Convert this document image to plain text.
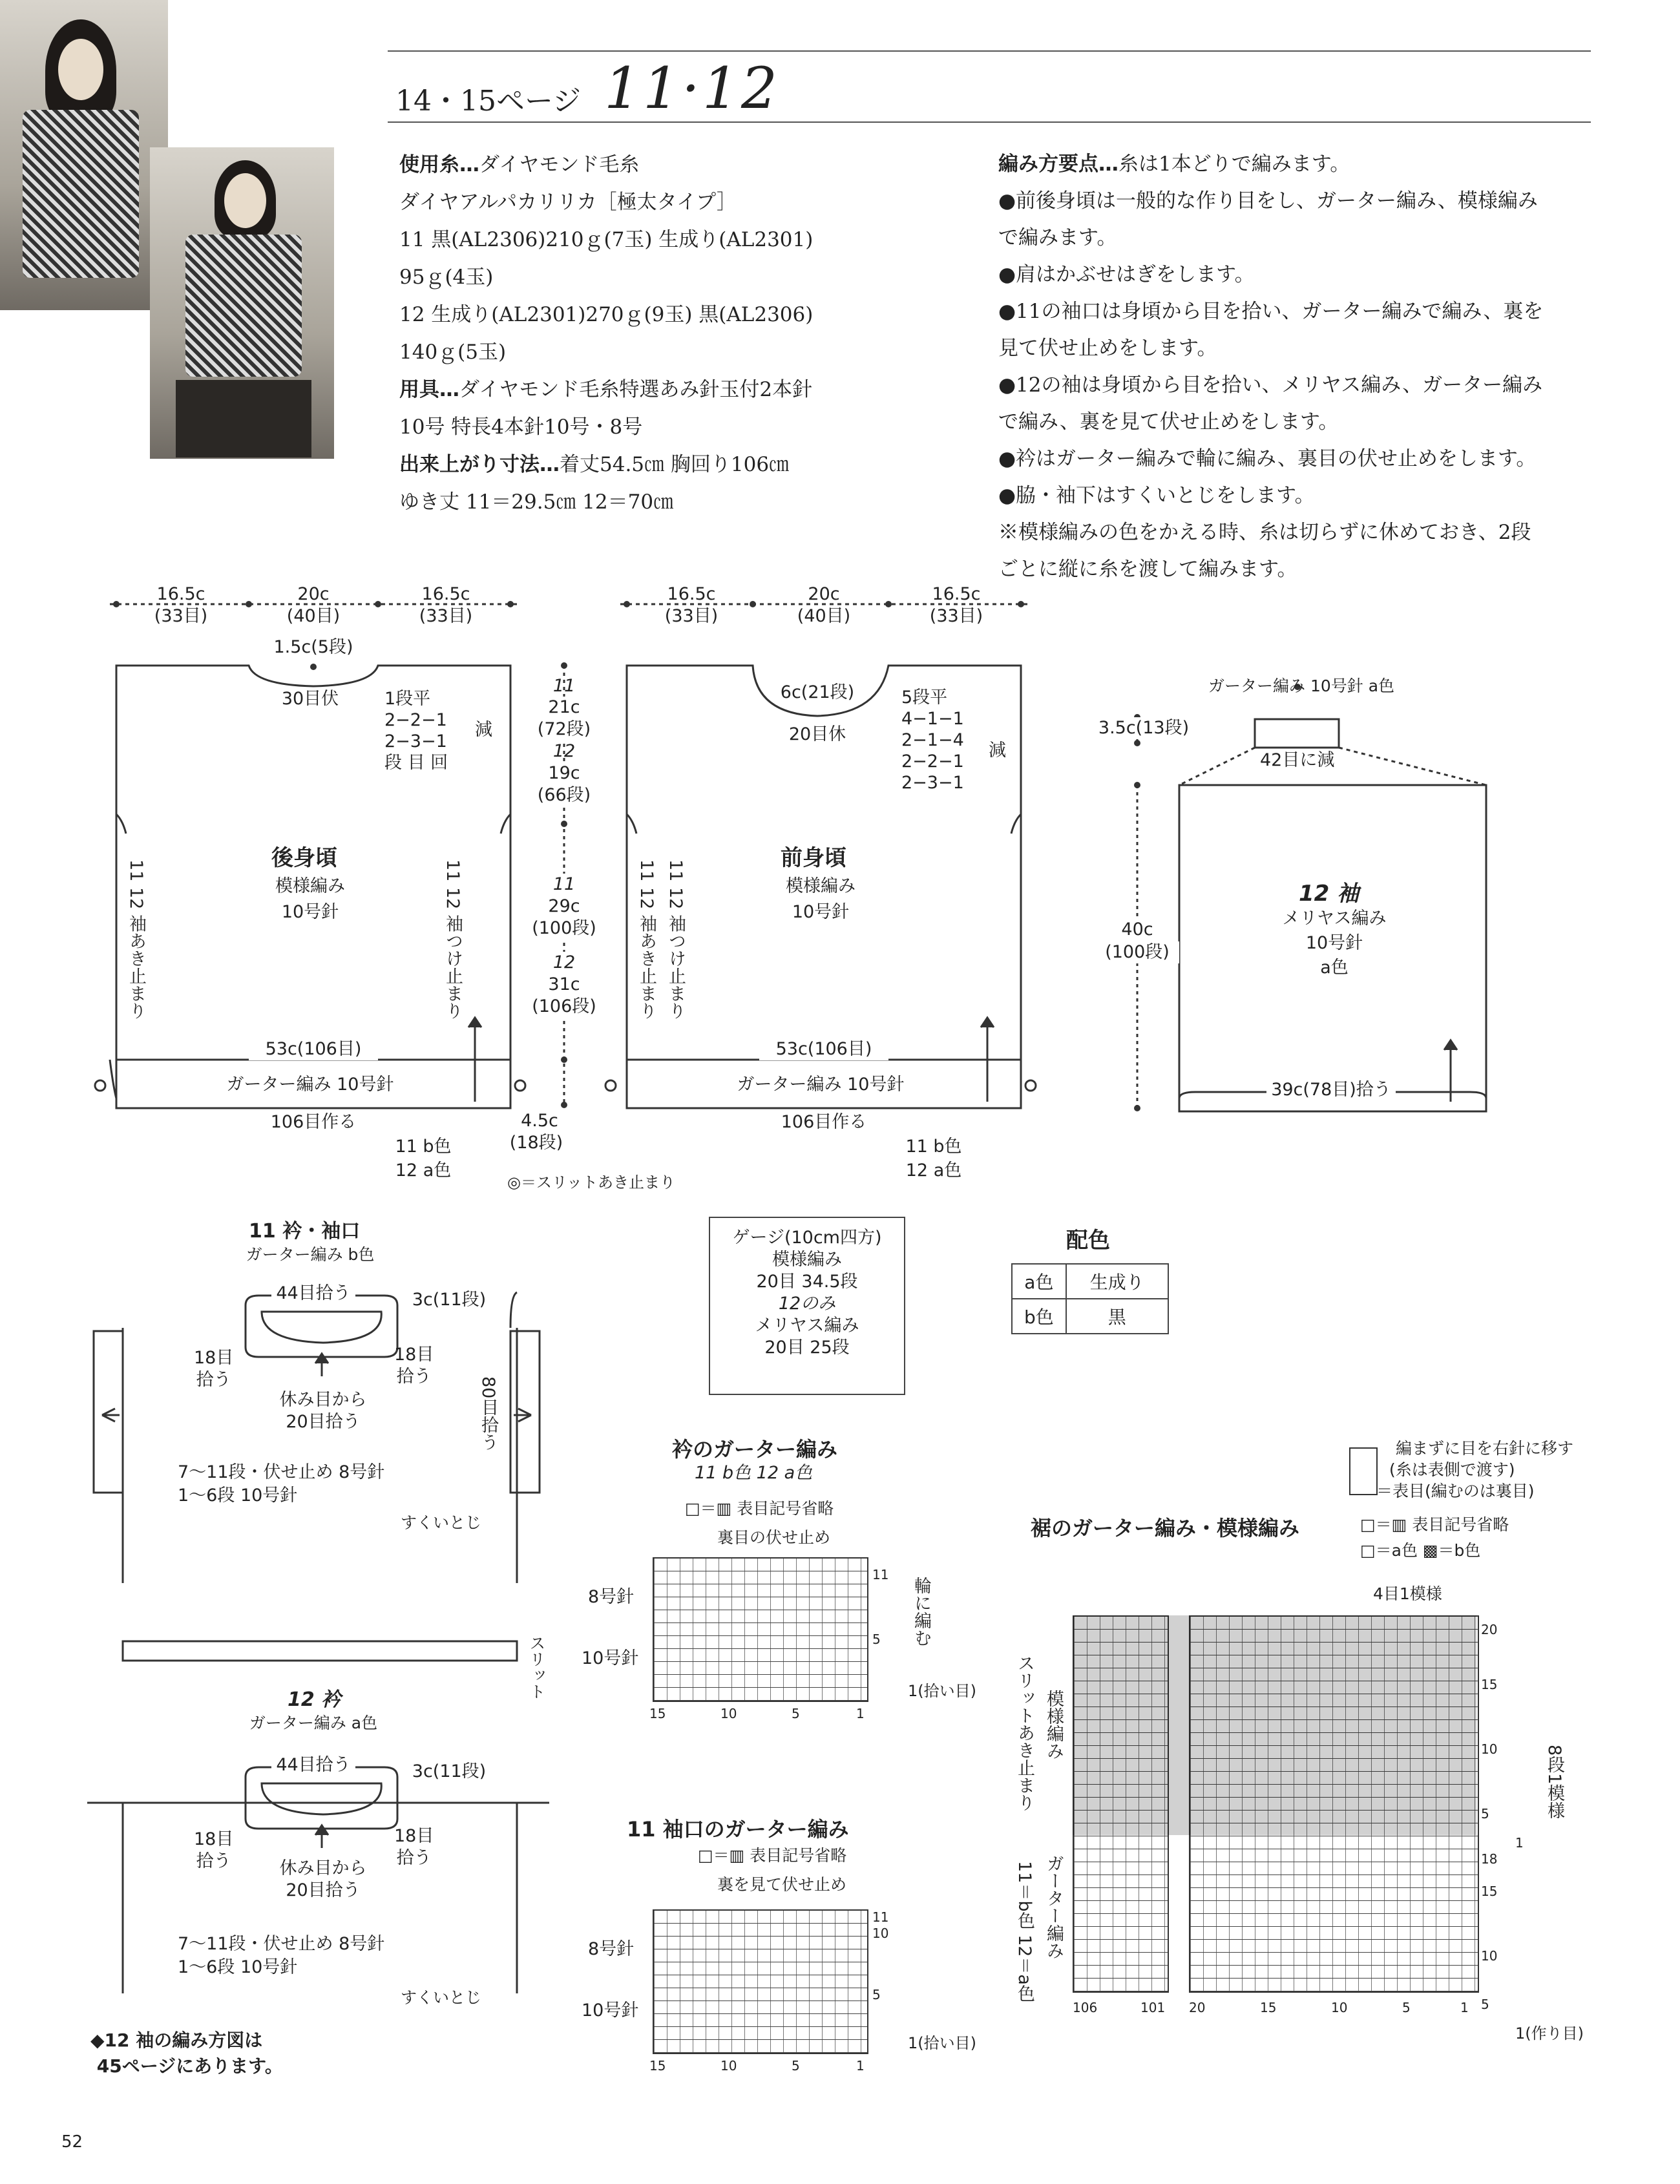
14・15ページ 11·12
使用糸…ダイヤモンド毛糸
ダイヤアルパカリリカ［極太タイプ］
11 黒(AL2306)210ｇ(7玉) 生成り(AL2301)
95ｇ(4玉)
12 生成り(AL2301)270ｇ(9玉) 黒(AL2306)
140ｇ(5玉)
用具…ダイヤモンド毛糸特選あみ針玉付2本針
10号 特長4本針10号・8号
出来上がり寸法…着丈54.5㎝ 胸回り106㎝
ゆき丈 11＝29.5㎝ 12＝70㎝
編み方要点…糸は1本どりで編みます。
●前後身頃は一般的な作り目をし、ガーター編み、模様編み
で編みます。
●肩はかぶせはぎをします。
●11の袖口は身頃から目を拾い、ガーター編みで編み、裏を
見て伏せ止めをします。
●12の袖は身頃から目を拾い、メリヤス編み、ガーター編み
で編み、裏を見て伏せ止めをします。
●衿はガーター編みで輪に編み、裏目の伏せ止めをします。
●脇・袖下はすくいとじをします。
※模様編みの色をかえる時、糸は切らずに休めておき、2段
ごとに縦に糸を渡して編みます。
16.5c
(33目)
20c
(40目)
16.5c
(33目)
1.5c(5段)
30目伏	1段平
2−2−1
2−3−1
段 目 回
減
後身頃
模様編み
10号針
11 12 袖あき止まり	11 12 袖つけ止まり
53c(106目)
ガーター編み 10号針
106目作る
11 b色
12 a色
11
21c
(72段)
12
19c
(66段)
11
29c
(100段)
12
31c
(106段)
4.5c
(18段)
◎＝スリットあき止まり
16.5c
(33目)
20c
(40目)
16.5c
(33目)
6c(21段)
20目休
5段平
4−1−1
2−1−4
2−2−1
2−3−1
減
前身頃
模様編み
10号針
11 12 袖あき止まり 11 12 袖つけ止まり
53c(106目)
ガーター編み 10号針
106目作る
11 b色
12 a色
ガーター編み 10号針 a色
3.5c(13段)
42目に減
12 袖
メリヤス編み
10号針
a色
40c
(100段)
39c(78目)拾う
11 衿・袖口
ガーター編み b色
44目拾う	3c(11段)
18目
拾う
18目
拾う
休み目から
20目拾う
7〜11段・伏せ止め 8号針
1〜6段 10号針
80目拾う
すくいとじ
スリット
12 衿
ガーター編み a色
44目拾う	3c(11段)
18目
拾う
18目
拾う
休み目から
20目拾う
7〜11段・伏せ止め 8号針
1〜6段 10号針
すくいとじ
◆12 袖の編み方図は
45ページにあります。
ゲージ(10cm四方)
模様編み
20目 34.5段
12のみ
メリヤス編み
20目 25段
配色
a色	生成り
b色	黒
衿のガーター編み
11 b色 12 a色
□＝▥ 表目記号省略
裏目の伏せ止め
8号針
10号針
輪に編む
1(拾い目)
11
5
15	10	5	1
11 袖口のガーター編み
□＝▥ 表目記号省略
裏を見て伏せ止め
8号針
10号針
1(拾い目)
11
10
5
15	10	5	1
編まずに目を右針に移す
(糸は表側で渡す)
＝表目(編むのは裏目)
裾のガーター編み・模様編み	□＝▥ 表目記号省略
□＝a色 ▩＝b色
4目1模様
模様編み
スリットあき止まり
ガーター編み
11＝b色 12＝a色
8段1模様
1(作り目)
20
15
10
5
1
18
15
10
5
106	101 20	15	10	5	1
52
